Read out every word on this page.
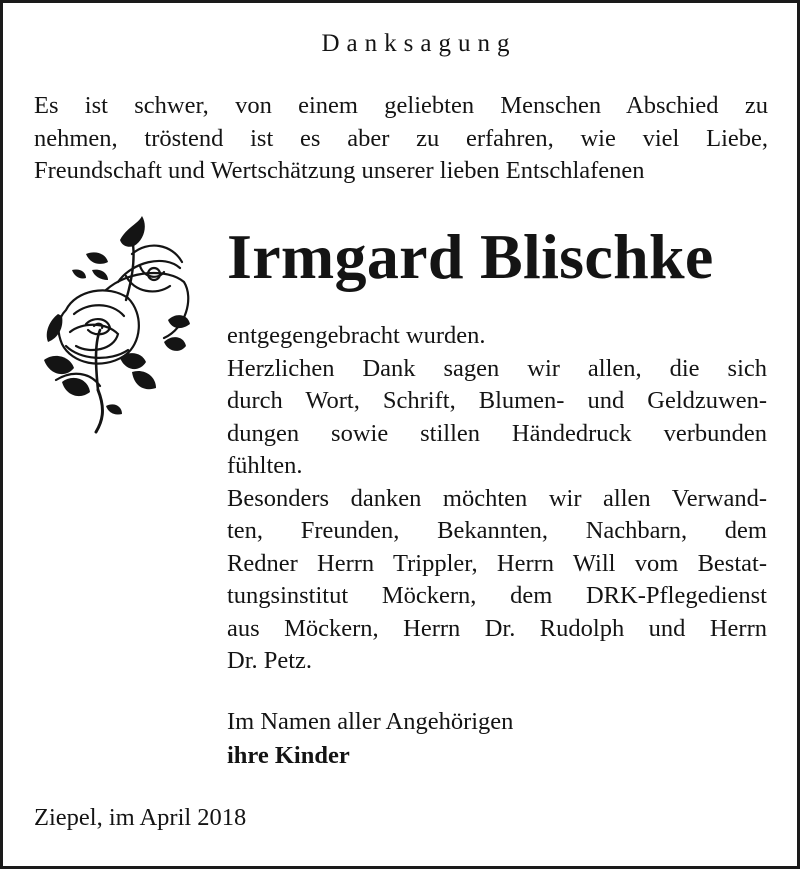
Danksagung
Es ist schwer, von einem geliebten Menschen Abschied zu
nehmen, tröstend ist es aber zu erfahren, wie viel Liebe,
Freundschaft und Wertschätzung unserer lieben Entschlafenen
Irmgard Blischke
entgegengebracht wurden.
Herzlichen Dank sagen wir allen, die sich
durch Wort, Schrift, Blumen- und Geldzuwen-
dungen sowie stillen Händedruck verbunden
fühlten.
Besonders danken möchten wir allen Verwand-
ten, Freunden, Bekannten, Nachbarn, dem
Redner Herrn Trippler, Herrn Will vom Bestat-
tungsinstitut Möckern, dem DRK-Pflegedienst
aus Möckern, Herrn Dr. Rudolph und Herrn
Dr. Petz.
Im Namen aller Angehörigen
ihre Kinder
Ziepel, im April 2018
